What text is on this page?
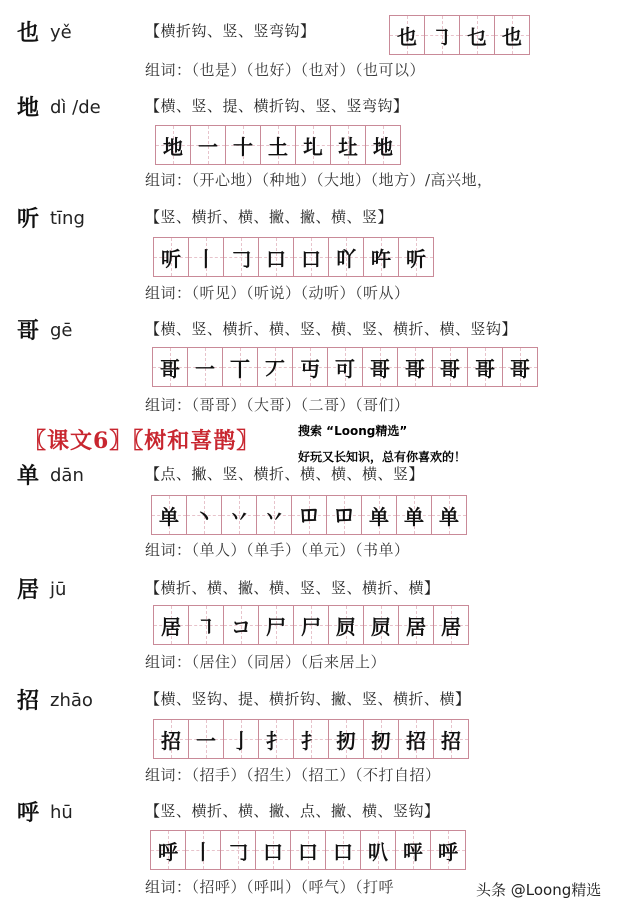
也 yě	【横折钩、竖、竖弯钩】	也 ㇆ 乜 也
组词：（也是）（也好）（也对）（也可以）
地 dì /de	【横、竖、提、横折钩、竖、竖弯钩】
地 一 十 土 圠 圵 地
组词：（开心地）（种地）（大地）（地方）/高兴地，
听 tīng	【竖、横折、横、撇、撇、横、竖】
听 丨 𠃌 口 口 吖 吘 听
组词：（听见）（听说）（动听）（听从）
哥 gē	【横、竖、横折、横、竖、横、竖、横折、横、竖钩】
哥 一 丅 丆 丏 可 哥 哥 哥 哥 哥
组词：（哥哥）（大哥）（二哥）（哥们）
〖课文6〗〖树和喜鹊〗	搜索 “Loong精选”
好玩又长知识，总有你喜欢的！
单 dān	【点、撇、竖、横折、横、横、横、竖】
单 丶 丷 丷 𫩏 𫩏 单 单 单
组词：（单人）（单手）（单元）（书单）
居 jū	【横折、横、撇、横、竖、竖、横折、横】
居 ㇕ コ 尸 尸 屃 屃 居 居
组词：（居住）（同居）（后来居上）
招 zhāo	【横、竖钩、提、横折钩、撇、竖、横折、横】
招 一 亅 扌 扌 扨 扨 招 招
组词：（招手）（招生）（招工）（不打自招）
呼 hū	【竖、横折、横、撇、点、撇、横、竖钩】
呼 丨 𠃌 口 口 口 叭 呯 呼
组词：（招呼）（呼叫）（呼气）（打呼	头条 @Loong精选
